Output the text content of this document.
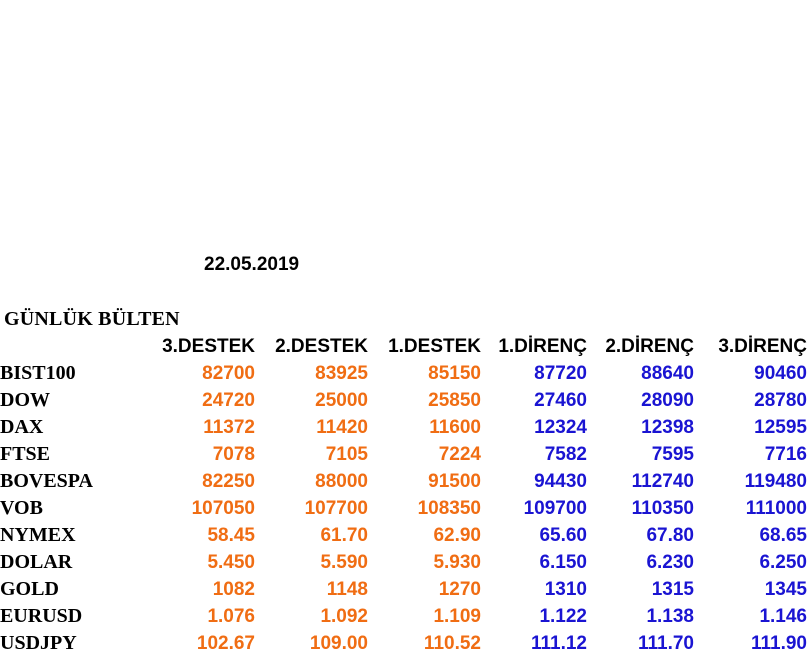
22.05.2019
GÜNLÜK BÜLTEN
	3.DESTEK	2.DESTEK	1.DESTEK	1.DİRENÇ	2.DİRENÇ	3.DİRENÇ
BIST100	82700	83925	85150	87720	88640	90460
DOW	24720	25000	25850	27460	28090	28780
DAX	11372	11420	11600	12324	12398	12595
FTSE	7078	7105	7224	7582	7595	7716
BOVESPA	82250	88000	91500	94430	112740	119480
VOB	107050	107700	108350	109700	110350	111000
NYMEX	58.45	61.70	62.90	65.60	67.80	68.65
DOLAR	5.450	5.590	5.930	6.150	6.230	6.250
GOLD	1082	1148	1270	1310	1315	1345
EURUSD	1.076	1.092	1.109	1.122	1.138	1.146
USDJPY	102.67	109.00	110.52	111.12	111.70	111.90
